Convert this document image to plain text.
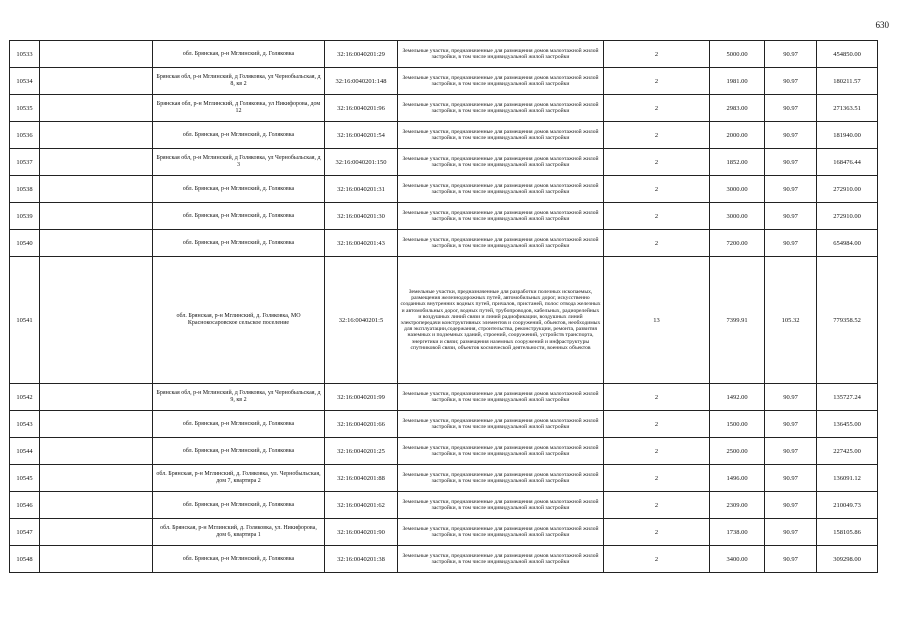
630
10533		обл. Брянская, р-н Мглинский, д. Голяковка	32:16:0040201:29	Земельные участки, предназначенные для размещения домов малоэтажной жилой застройки, в том числе индивидуальной жилой застройки	2	5000.00	90.97	454850.00
10534		Брянская обл, р-н Мглинский, д Голяковка, ул Чернобыльская, д 8, кв 2	32:16:0040201:148	Земельные участки, предназначенные для размещения домов малоэтажной жилой застройки, в том числе индивидуальной жилой застройки	2	1981.00	90.97	180211.57
10535		Брянская обл, р-н Мглинский, д Голяковка, ул Никифорова, дом 12	32:16:0040201:96	Земельные участки, предназначенные для размещения домов малоэтажной жилой застройки, в том числе индивидуальной жилой застройки	2	2983.00	90.97	271363.51
10536		обл. Брянская, р-н Мглинский, д. Голяковка	32:16:0040201:54	Земельные участки, предназначенные для размещения домов малоэтажной жилой застройки, в том числе индивидуальной жилой застройки	2	2000.00	90.97	181940.00
10537		Брянская обл, р-н Мглинский, д Голяковка, ул Чернобыльская, д 3	32:16:0040201:150	Земельные участки, предназначенные для размещения домов малоэтажной жилой застройки, в том числе индивидуальной жилой застройки	2	1852.00	90.97	168476.44
10538		обл. Брянская, р-н Мглинский, д. Голяковка	32:16:0040201:31	Земельные участки, предназначенные для размещения домов малоэтажной жилой застройки, в том числе индивидуальной жилой застройки	2	3000.00	90.97	272910.00
10539		обл. Брянская, р-н Мглинский, д. Голяковка	32:16:0040201:30	Земельные участки, предназначенные для размещения домов малоэтажной жилой застройки, в том числе индивидуальной жилой застройки	2	3000.00	90.97	272910.00
10540		обл. Брянская, р-н Мглинский, д. Голяковка	32:16:0040201:43	Земельные участки, предназначенные для размещения домов малоэтажной жилой застройки, в том числе индивидуальной жилой застройки	2	7200.00	90.97	654984.00
10541		обл. Брянская, р-н Мглинский, д. Голяковка, МО Краснокосаровское сельское поселение	32:16:0040201:5	Земельные участки, предназначенные для разработки полезных ископаемых, размещения железнодорожных путей, автомобильных дорог, искусственно созданных внутренних водных путей, причалов, пристаней, полос отвода железных и автомобильных дорог, водных путей, трубопроводов, кабельных, радиорелейных и воздушных линий связи и линий радиофикации, воздушных линий электропередачи конструктивных элементов и сооружений, объектов, необходимых для эксплуатации,содержания, строительства, реконструкции, ремонта, развития наземных и подземных зданий, строений, сооружений, устройств транспорта, энергетики и связи; размещения наземных сооружений и инфраструктуры спутниковой связи, объектов космической деятельности, военных объектов	13	7399.91	105.32	779358.52
10542		Брянская обл, р-н Мглинский, д Голяковка, ул Чернобыльская, д 9, кв 2	32:16:0040201:99	Земельные участки, предназначенные для размещения домов малоэтажной жилой застройки, в том числе индивидуальной жилой застройки	2	1492.00	90.97	135727.24
10543		обл. Брянская, р-н Мглинский, д. Голяковка	32:16:0040201:66	Земельные участки, предназначенные для размещения домов малоэтажной жилой застройки, в том числе индивидуальной жилой застройки	2	1500.00	90.97	136455.00
10544		обл. Брянская, р-н Мглинский, д. Голяковка	32:16:0040201:25	Земельные участки, предназначенные для размещения домов малоэтажной жилой застройки, в том числе индивидуальной жилой застройки	2	2500.00	90.97	227425.00
10545		обл. Брянская, р-н Мглинский, д. Голяковка, ул. Чернобыльская, дом 7, квартира 2	32:16:0040201:88	Земельные участки, предназначенные для размещения домов малоэтажной жилой застройки, в том числе индивидуальной жилой застройки	2	1496.00	90.97	136091.12
10546		обл. Брянская, р-н Мглинский, д. Голяковка	32:16:0040201:62	Земельные участки, предназначенные для размещения домов малоэтажной жилой застройки, в том числе индивидуальной жилой застройки	2	2309.00	90.97	210049.73
10547		обл. Брянская, р-н Мглинский, д. Голяковка, ул. Никифорова, дом 6, квартира 1	32:16:0040201:90	Земельные участки, предназначенные для размещения домов малоэтажной жилой застройки, в том числе индивидуальной жилой застройки	2	1738.00	90.97	158105.86
10548		обл. Брянская, р-н Мглинский, д. Голяковка	32:16:0040201:38	Земельные участки, предназначенные для размещения домов малоэтажной жилой застройки, в том числе индивидуальной жилой застройки	2	3400.00	90.97	309298.00
